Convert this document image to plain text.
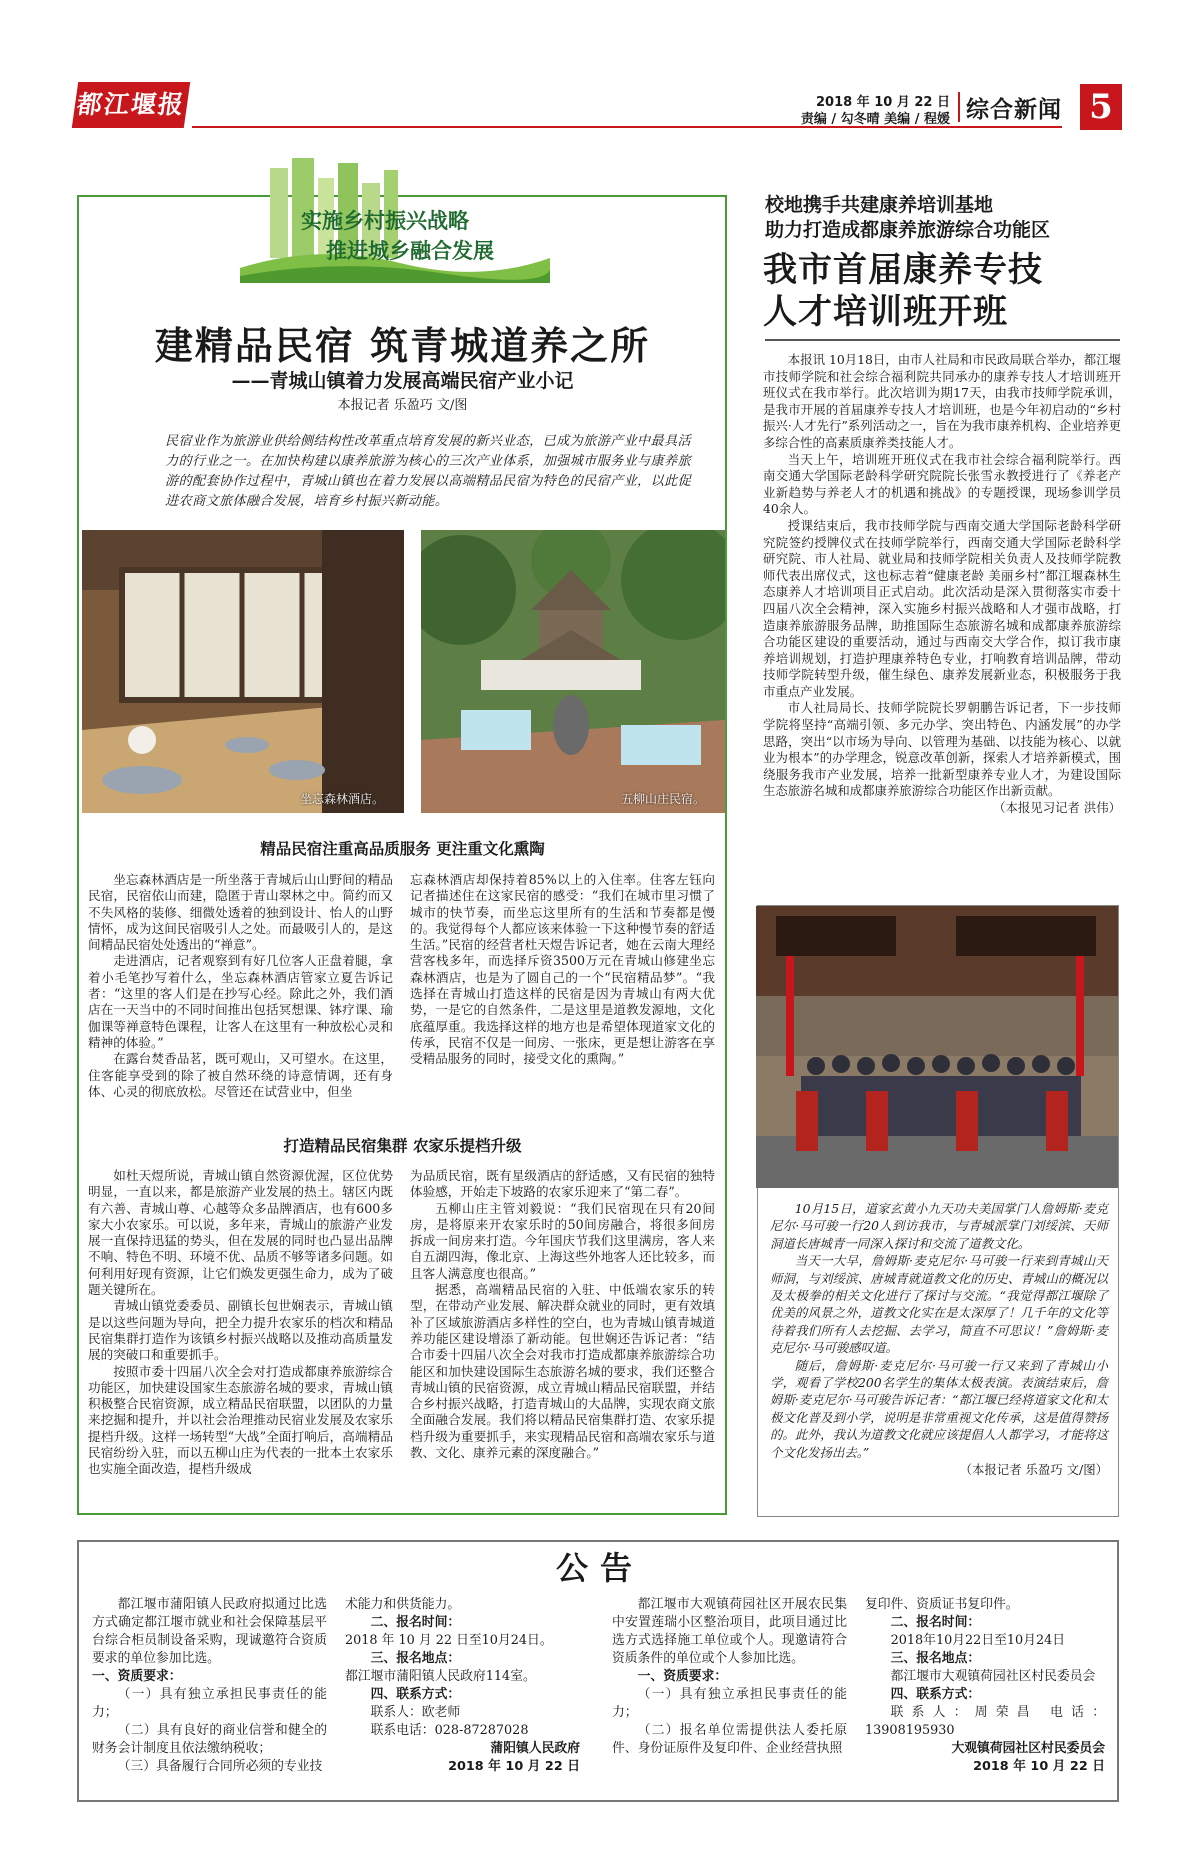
都江堰报	2018 年 10 月 22 日
责编 / 勾冬晴 美编 / 程媛 综合新闻 5
实施乡村振兴战略
推进城乡融合发展
建精品民宿 筑青城道养之所
——青城山镇着力发展高端民宿产业小记
本报记者 乐盈巧 文/图
民宿业作为旅游业供给侧结构性改革重点培育发展的新兴业态，已成为旅游产业中最具活力的行业之一。在加快构建以康养旅游为核心的三次产业体系，加强城市服务业与康养旅游的配套协作过程中，青城山镇也在着力发展以高端精品民宿为特色的民宿产业，以此促进农商文旅体融合发展，培育乡村振兴新动能。
坐忘森林酒店。	五柳山庄民宿。
精品民宿注重高品质服务 更注重文化熏陶

坐忘森林酒店是一所坐落于青城后山山野间的精品民宿，民宿依山而建，隐匿于青山翠林之中。简约而又不失风格的装修、细微处透着的独到设计、怡人的山野情怀，成为这间民宿吸引人之处。而最吸引人的，是这间精品民宿处处透出的“禅意”。

走进酒店，记者观察到有好几位客人正盘着腿，拿着小毛笔抄写着什么，坐忘森林酒店管家立夏告诉记者：“这里的客人们是在抄写心经。除此之外，我们酒店在一天当中的不同时间推出包括冥想课、钵疗课、瑜伽课等禅意特色课程，让客人在这里有一种放松心灵和精神的体验。”

在露台焚香品茗，既可观山，又可望水。在这里，住客能享受到的除了被自然环绕的诗意情调，还有身体、心灵的彻底放松。尽管还在试营业中，但坐

忘森林酒店却保持着85%以上的入住率。住客左钰向记者描述住在这家民宿的感受：“我们在城市里习惯了城市的快节奏，而坐忘这里所有的生活和节奏都是慢的。我觉得每个人都应该来体验一下这种慢节奏的舒适生活。”民宿的经营者杜天煜告诉记者，她在云南大理经营客栈多年，而选择斥资3500万元在青城山修建坐忘森林酒店，也是为了圆自己的一个“民宿精品梦”。“我选择在青城山打造这样的民宿是因为青城山有两大优势，一是它的自然条件，二是这里是道教发源地，文化底蕴厚重。我选择这样的地方也是希望体现道家文化的传承，民宿不仅是一间房、一张床，更是想让游客在享受精品服务的同时，接受文化的熏陶。”

打造精品民宿集群 农家乐提档升级

如杜天煜所说，青城山镇自然资源优渥，区位优势明显，一直以来，都是旅游产业发展的热土。辖区内既有六善、青城山尊、心越等众多品牌酒店，也有600多家大小农家乐。可以说，多年来，青城山的旅游产业发展一直保持迅猛的势头，但在发展的同时也凸显出品牌不响、特色不明、环境不优、品质不够等诸多问题。如何利用好现有资源，让它们焕发更强生命力，成为了破题关键所在。

青城山镇党委委员、副镇长包世娴表示，青城山镇是以这些问题为导向，把全力提升农家乐的档次和精品民宿集群打造作为该镇乡村振兴战略以及推动高质量发展的突破口和重要抓手。

按照市委十四届八次全会对打造成都康养旅游综合功能区，加快建设国家生态旅游名城的要求，青城山镇积极整合民宿资源，成立精品民宿联盟，以团队的力量来挖掘和提升，并以社会治理推动民宿业发展及农家乐提档升级。这样一场转型“大战”全面打响后，高端精品民宿纷纷入驻，而以五柳山庄为代表的一批本土农家乐也实施全面改造，提档升级成

为品质民宿，既有星级酒店的舒适感，又有民宿的独特体验感，开始走下坡路的农家乐迎来了“第二春”。

五柳山庄主管刘毅说：“我们民宿现在只有20间房，是将原来开农家乐时的50间房融合，将很多间房拆成一间房来打造。今年国庆节我们这里满房，客人来自五湖四海，像北京、上海这些外地客人还比较多，而且客人满意度也很高。”

据悉，高端精品民宿的入驻、中低端农家乐的转型，在带动产业发展、解决群众就业的同时，更有效填补了区域旅游酒店多样性的空白，也为青城山镇青城道养功能区建设增添了新动能。包世娴还告诉记者：“结合市委十四届八次全会对我市打造成都康养旅游综合功能区和加快建设国际生态旅游名城的要求，我们还整合青城山镇的民宿资源，成立青城山精品民宿联盟，并结合乡村振兴战略，打造青城山的大品牌，实现农商文旅全面融合发展。我们将以精品民宿集群打造、农家乐提档升级为重要抓手，来实现精品民宿和高端农家乐与道教、文化、康养元素的深度融合。”

校地携手共建康养培训基地
助力打造成都康养旅游综合功能区
我市首届康养专技
人才培训班开班

本报讯 10月18日，由市人社局和市民政局联合举办，都江堰市技师学院和社会综合福利院共同承办的康养专技人才培训班开班仪式在我市举行。此次培训为期17天，由我市技师学院承训，是我市开展的首届康养专技人才培训班，也是今年初启动的“乡村振兴·人才先行”系列活动之一，旨在为我市康养机构、企业培养更多综合性的高素质康养类技能人才。

当天上午，培训班开班仪式在我市社会综合福利院举行。西南交通大学国际老龄科学研究院院长张雪永教授进行了《养老产业新趋势与养老人才的机遇和挑战》的专题授课，现场参训学员40余人。

授课结束后，我市技师学院与西南交通大学国际老龄科学研究院签约授牌仪式在技师学院举行，西南交通大学国际老龄科学研究院、市人社局、就业局和技师学院相关负责人及技师学院教师代表出席仪式，这也标志着“健康老龄 美丽乡村”都江堰森林生态康养人才培训项目正式启动。此次活动是深入贯彻落实市委十四届八次全会精神，深入实施乡村振兴战略和人才强市战略，打造康养旅游服务品牌，助推国际生态旅游名城和成都康养旅游综合功能区建设的重要活动，通过与西南交大学合作，拟订我市康养培训规划，打造护理康养特色专业，打响教育培训品牌，带动技师学院转型升级，催生绿色、康养发展新业态，积极服务于我市重点产业发展。

市人社局局长、技师学院院长罗朝鹏告诉记者，下一步技师学院将坚持“高端引领、多元办学、突出特色、内涵发展”的办学思路，突出“以市场为导向、以管理为基础、以技能为核心、以就业为根本”的办学理念，锐意改革创新，探索人才培养新模式，围绕服务我市产业发展，培养一批新型康养专业人才，为建设国际生态旅游名城和成都康养旅游综合功能区作出新贡献。

（本报见习记者 洪伟）

10月15日，道家玄黄小九天功夫美国掌门人詹姆斯·麦克尼尔·马可骏一行20人到访我市，与青城派掌门刘绥滨、天师洞道长唐城青一同深入探讨和交流了道教文化。

当天一大早，詹姆斯·麦克尼尔·马可骏一行来到青城山天师洞，与刘绥滨、唐城青就道教文化的历史、青城山的概况以及太极拳的相关文化进行了探讨与交流。“我觉得都江堰除了优美的风景之外，道教文化实在是太深厚了！几千年的文化等待着我们所有人去挖掘、去学习，简直不可思议！”詹姆斯·麦克尼尔·马可骏感叹道。

随后，詹姆斯·麦克尼尔·马可骏一行又来到了青城山小学，观看了学校200名学生的集体太极表演。表演结束后，詹姆斯·麦克尼尔·马可骏告诉记者：“都江堰已经将道家文化和太极文化普及到小学，说明是非常重视文化传承，这是值得赞扬的。此外，我认为道教文化就应该提倡人人都学习，才能将这个文化发扬出去。”

（本报记者 乐盈巧 文/图）

公告

都江堰市蒲阳镇人民政府拟通过比选方式确定都江堰市就业和社会保障基层平台综合柜员制设备采购，现诚邀符合资质要求的单位参加比选。

一、资质要求：

（一）具有独立承担民事责任的能力；

（二）具有良好的商业信誉和健全的财务会计制度且依法缴纳税收；

（三）具备履行合同所必须的专业技

术能力和供货能力。

二、报名时间：

2018 年 10 月 22 日至10月24日。

三、报名地点：

都江堰市蒲阳镇人民政府114室。

四、联系方式：

联系人：欧老师

联系电话：028-87287028

蒲阳镇人民政府

2018 年 10 月 22 日

都江堰市大观镇荷园社区开展农民集中安置莲瑞小区整治项目，此项目通过比选方式选择施工单位或个人。现邀请符合资质条件的单位或个人参加比选。

一、资质要求：

（一）具有独立承担民事责任的能力；

（二）报名单位需提供法人委托原件、身份证原件及复印件、企业经营执照

复印件、资质证书复印件。

二、报名时间：

2018年10月22日至10月24日

三、报名地点：

都江堰市大观镇荷园社区村民委员会

四、联系方式：

联系人：周荣昌 电话：13908195930

大观镇荷园社区村民委员会

2018 年 10 月 22 日
